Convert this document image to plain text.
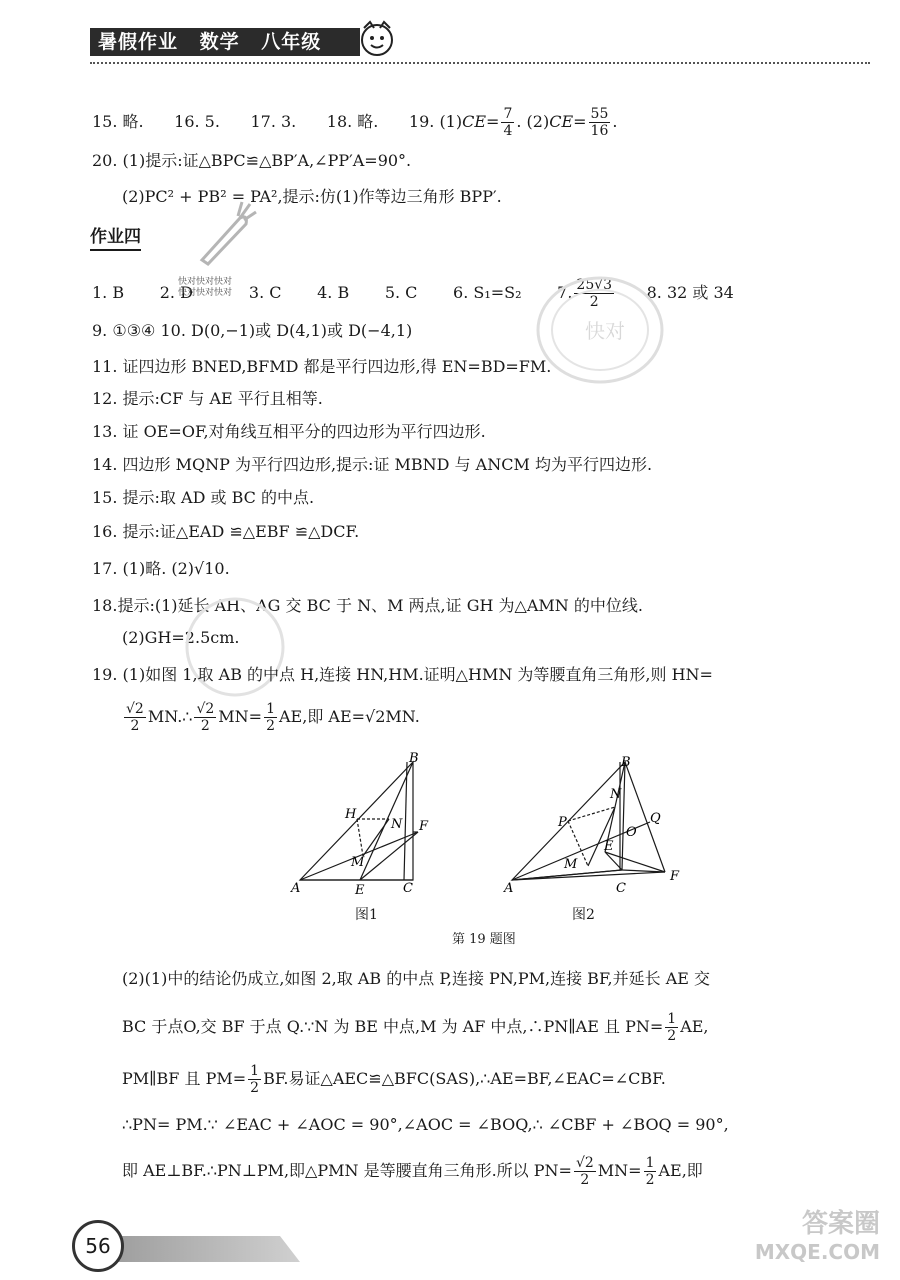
暑假作业 数学 八年级
15. 略. 16. 5. 17. 3. 18. 略. 19. $(1)CE= \frac{7}{4}$ . $(2)CE= \frac{55}{16}$ .
20. (1)提示:证△BPC≌△BP′A,∠PP′A=90°.
(2)PC² + PB² = PA²,提示:仿(1)作等边三角形 BPP′.
作业四
1. B 2. D	3. C 4. B 5. C 6. S₁=S₂ 7. $\frac{25√3}{2} 8$. 32 或 34
快对快对快对
快对快对快对
快对
9. ①③④ 10. D(0,−1)或 D(4,1)或 D(−4,1)
11. 证四边形 BNED,BFMD 都是平行四边形,得 EN=BD=FM.
12. 提示:CF 与 AE 平行且相等.
13. 证 OE=OF,对角线互相平分的四边形为平行四边形.
14. 四边形 MQNP 为平行四边形,提示:证 MBND 与 ANCM 均为平行四边形.
15. 提示:取 AD 或 BC 的中点.
16. 提示:证△EAD ≌△EBF ≌△DCF.
17. (1)略. (2)√10.
18.提示:(1)延长 AH、AG 交 BC 于 N、M 两点,证 GH 为△AMN 的中位线.
(2)GH=2.5cm.
19. (1)如图 1,取 AB 的中点 H,连接 HN,HM.证明△HMN 为等腰直角三角形,则 HN=
$\frac{√2}{2}$ MN.∴ $\frac{√2}{2} MN= \frac{1}{2}$ AE,即 AE=√2MN.
B
H
N F
M
A	E	C
图1
B
N
P	Q
O
E
M
A	C
F
图2
第 19 题图
(2)(1)中的结论仍成立,如图 2,取 AB 的中点 P,连接 PN,PM,连接 BF,并延长 AE 交
BC 于点O,交 BF 于点 Q.∵N 为 BE 中点,M 为 AF 中点,∴PN∥AE 且 $PN= \frac{1}{2}$ AE,
PM∥BF 且 $PM= \frac{1}{2}$ BF.易证△AEC≌△BFC(SAS),∴AE=BF,∠EAC=∠CBF.
∴PN= PM.∵ ∠EAC + ∠AOC = 90°,∠AOC = ∠BOQ,∴ ∠CBF + ∠BOQ = 90°,
即 AE⊥BF.∴PN⊥PM,即△PMN 是等腰直角三角形.所以 $PN= \frac{√2}{2} MN= \frac{1}{2}$ AE,即
56
答案圈
MXQE.COM
